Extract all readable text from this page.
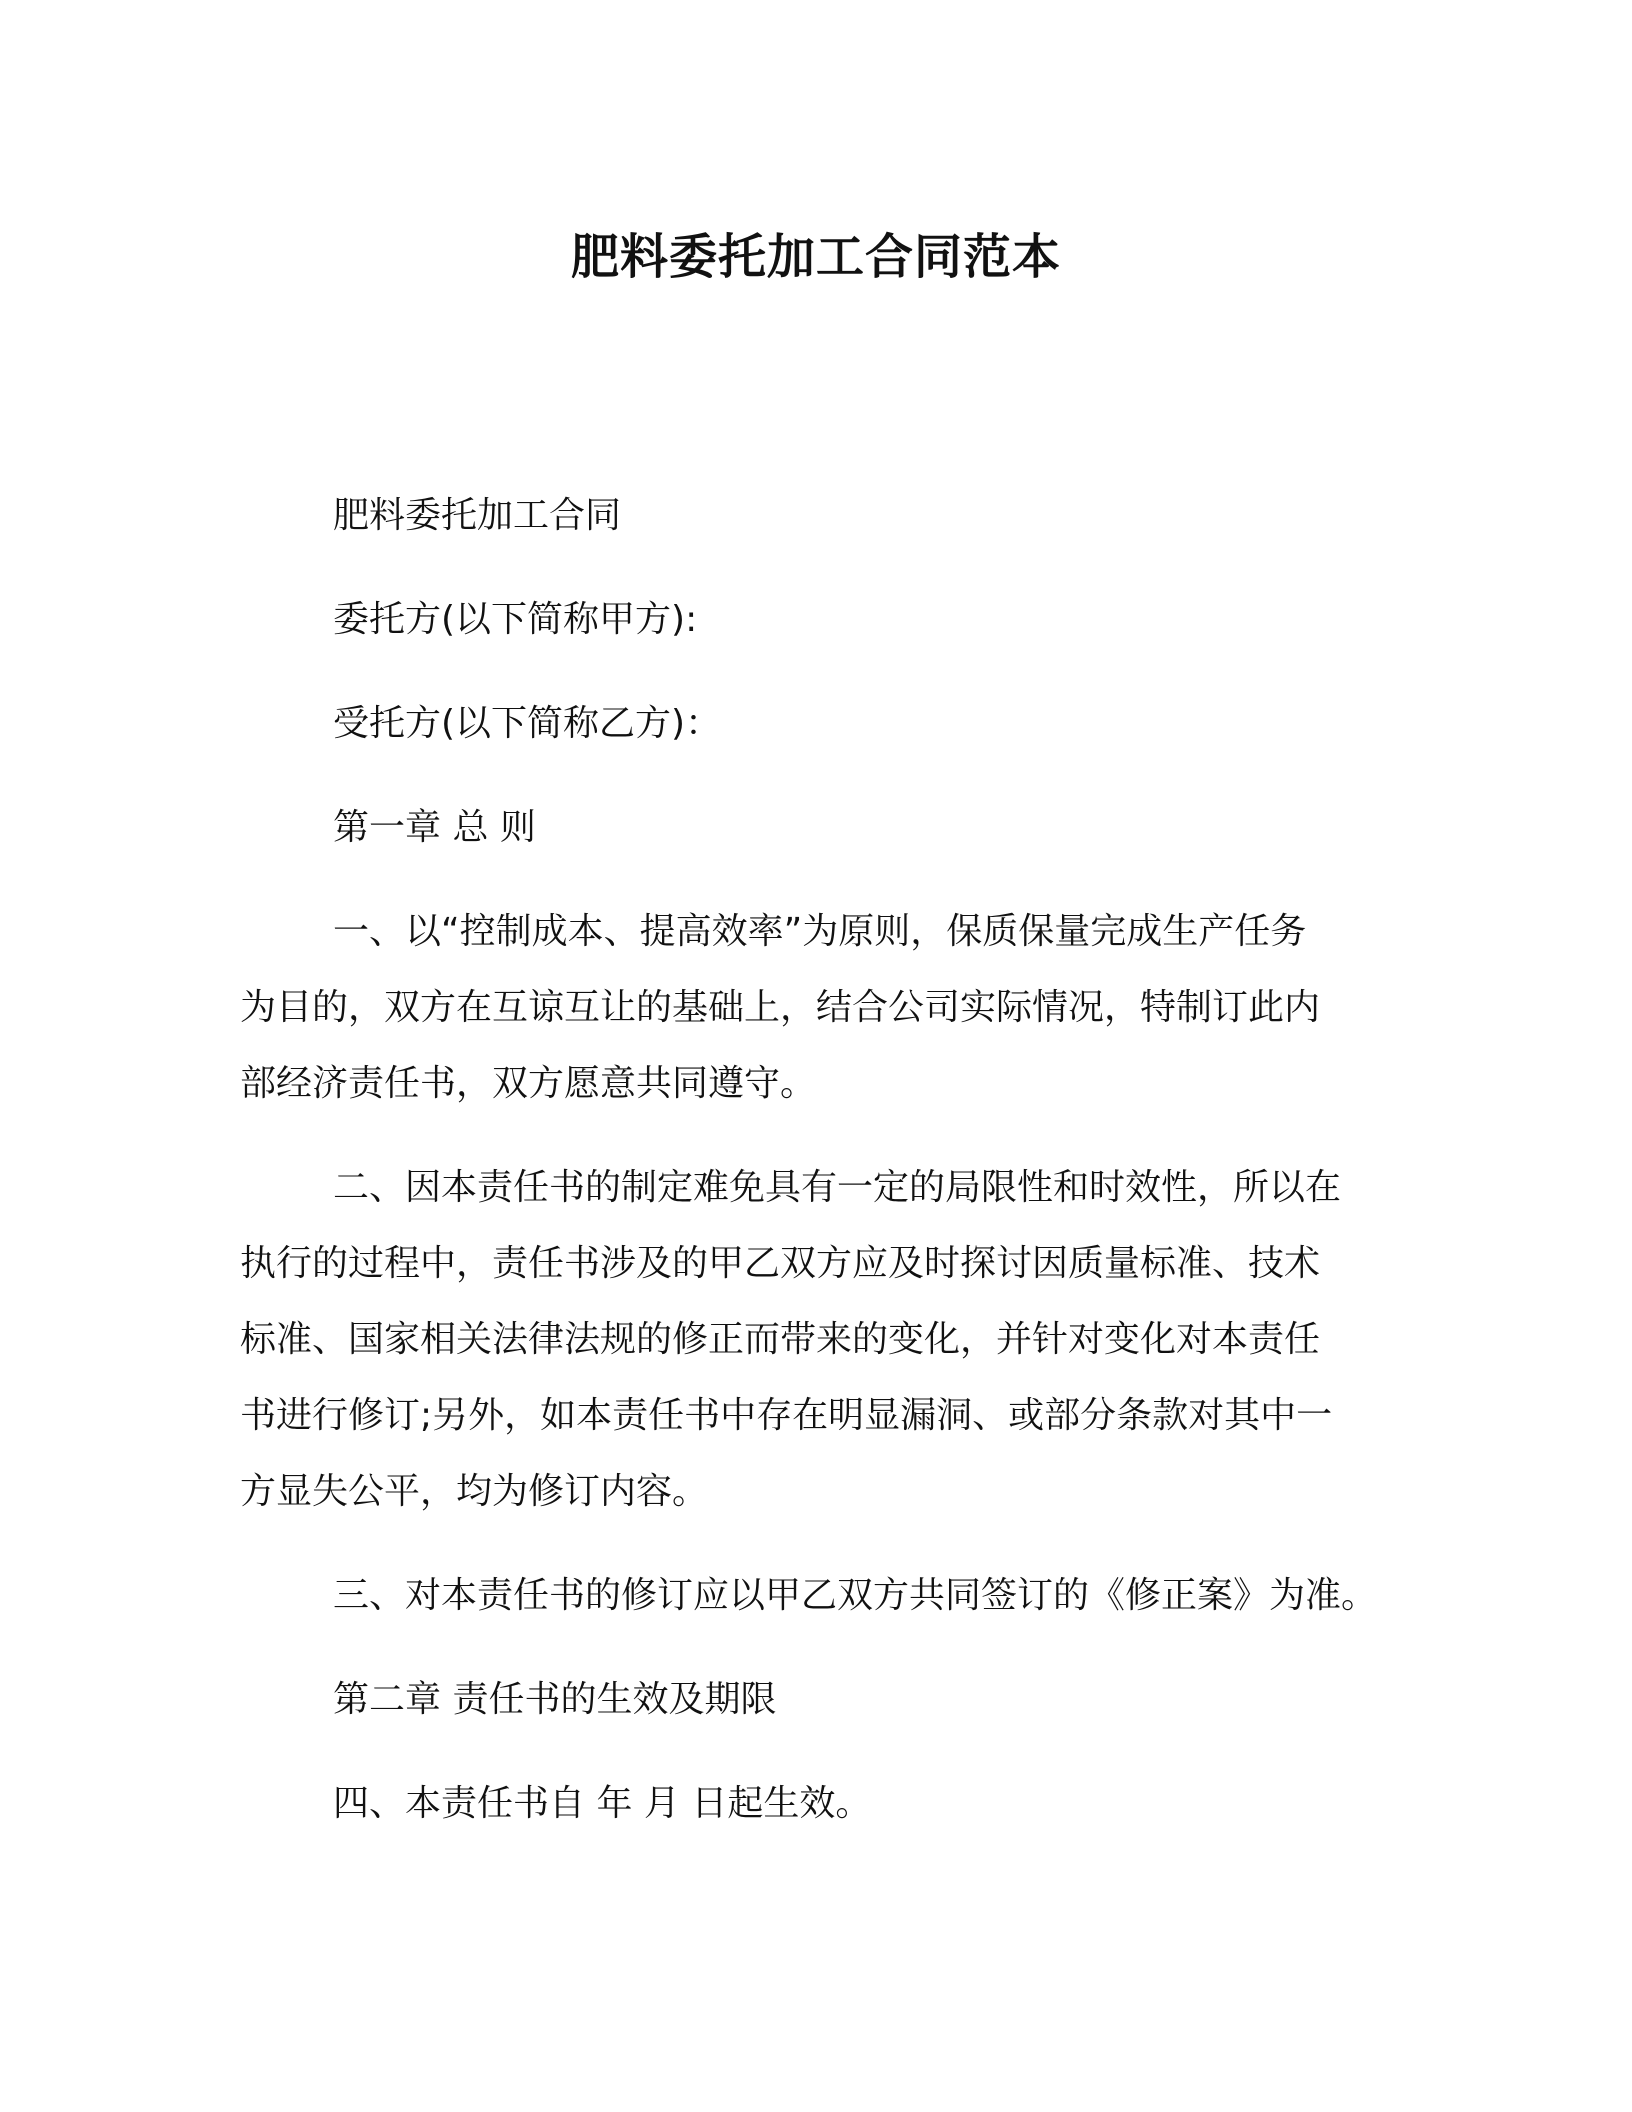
肥料委托加工合同范本
肥料委托加工合同
委托方(以下简称甲方):
受托方(以下简称乙方)：
第一章 总 则
一、以“控制成本、提高效率”为原则，保质保量完成生产任务
为目的，双方在互谅互让的基础上，结合公司实际情况，特制订此内
部经济责任书，双方愿意共同遵守。
二、因本责任书的制定难免具有一定的局限性和时效性，所以在
执行的过程中，责任书涉及的甲乙双方应及时探讨因质量标准、技术
标准、国家相关法律法规的修正而带来的变化，并针对变化对本责任
书进行修订;另外，如本责任书中存在明显漏洞、或部分条款对其中一
方显失公平，均为修订内容。
三、对本责任书的修订应以甲乙双方共同签订的《修正案》为准。
第二章 责任书的生效及期限
四、本责任书自 年 月 日起生效。
